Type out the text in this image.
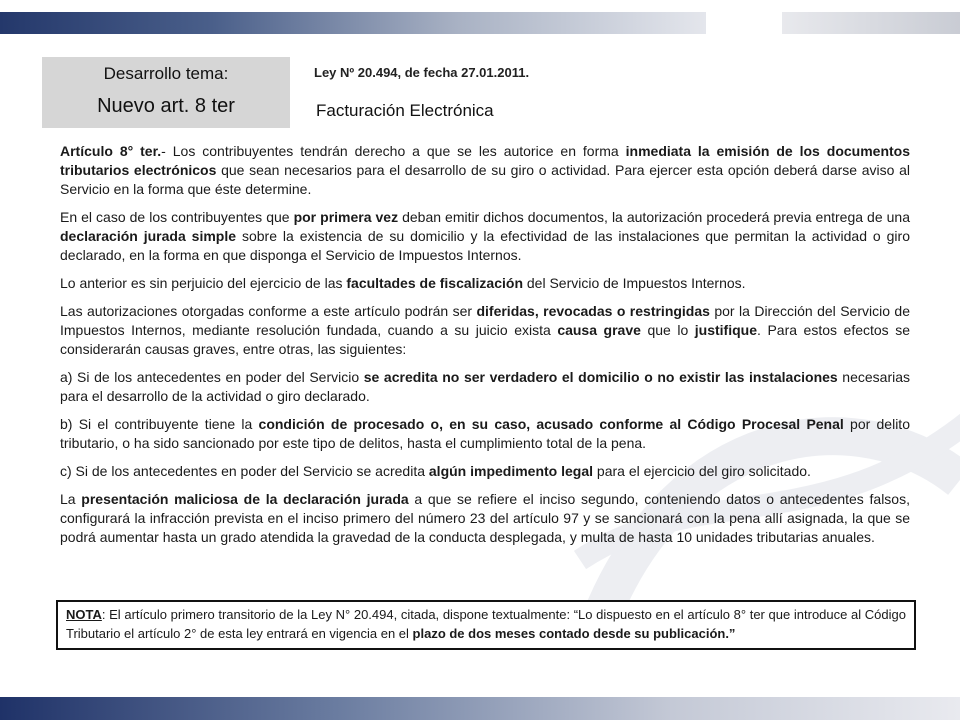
Desarrollo tema:
Nuevo art. 8 ter
Ley Nº 20.494, de fecha 27.01.2011.
Facturación Electrónica

Artículo 8° ter.- Los contribuyentes tendrán derecho a que se les autorice en forma inmediata la emisión de los documentos tributarios electrónicos que sean necesarios para el desarrollo de su giro o actividad. Para ejercer esta opción deberá darse aviso al Servicio en la forma que éste determine.

En el caso de los contribuyentes que por primera vez deban emitir dichos documentos, la autorización procederá previa entrega de una declaración jurada simple sobre la existencia de su domicilio y la efectividad de las instalaciones que permitan la actividad o giro declarado, en la forma en que disponga el Servicio de Impuestos Internos.

Lo anterior es sin perjuicio del ejercicio de las facultades de fiscalización del Servicio de Impuestos Internos.

Las autorizaciones otorgadas conforme a este artículo podrán ser diferidas, revocadas o restringidas por la Dirección del Servicio de Impuestos Internos, mediante resolución fundada, cuando a su juicio exista causa grave que lo justifique. Para estos efectos se considerarán causas graves, entre otras, las siguientes:

a) Si de los antecedentes en poder del Servicio se acredita no ser verdadero el domicilio o no existir las instalaciones necesarias para el desarrollo de la actividad o giro declarado.

b) Si el contribuyente tiene la condición de procesado o, en su caso, acusado conforme al Código Procesal Penal por delito tributario, o ha sido sancionado por este tipo de delitos, hasta el cumplimiento total de la pena.

c) Si de los antecedentes en poder del Servicio se acredita algún impedimento legal para el ejercicio del giro solicitado.

La presentación maliciosa de la declaración jurada a que se refiere el inciso segundo, conteniendo datos o antecedentes falsos, configurará la infracción prevista en el inciso primero del número 23 del artículo 97 y se sancionará con la pena allí asignada, la que se podrá aumentar hasta un grado atendida la gravedad de la conducta desplegada, y multa de hasta 10 unidades tributarias anuales.

NOTA: El artículo primero transitorio de la Ley N° 20.494, citada, dispone textualmente: “Lo dispuesto en el artículo 8° ter que introduce al Código Tributario el artículo 2° de esta ley entrará en vigencia en el plazo de dos meses contado desde su publicación.”
